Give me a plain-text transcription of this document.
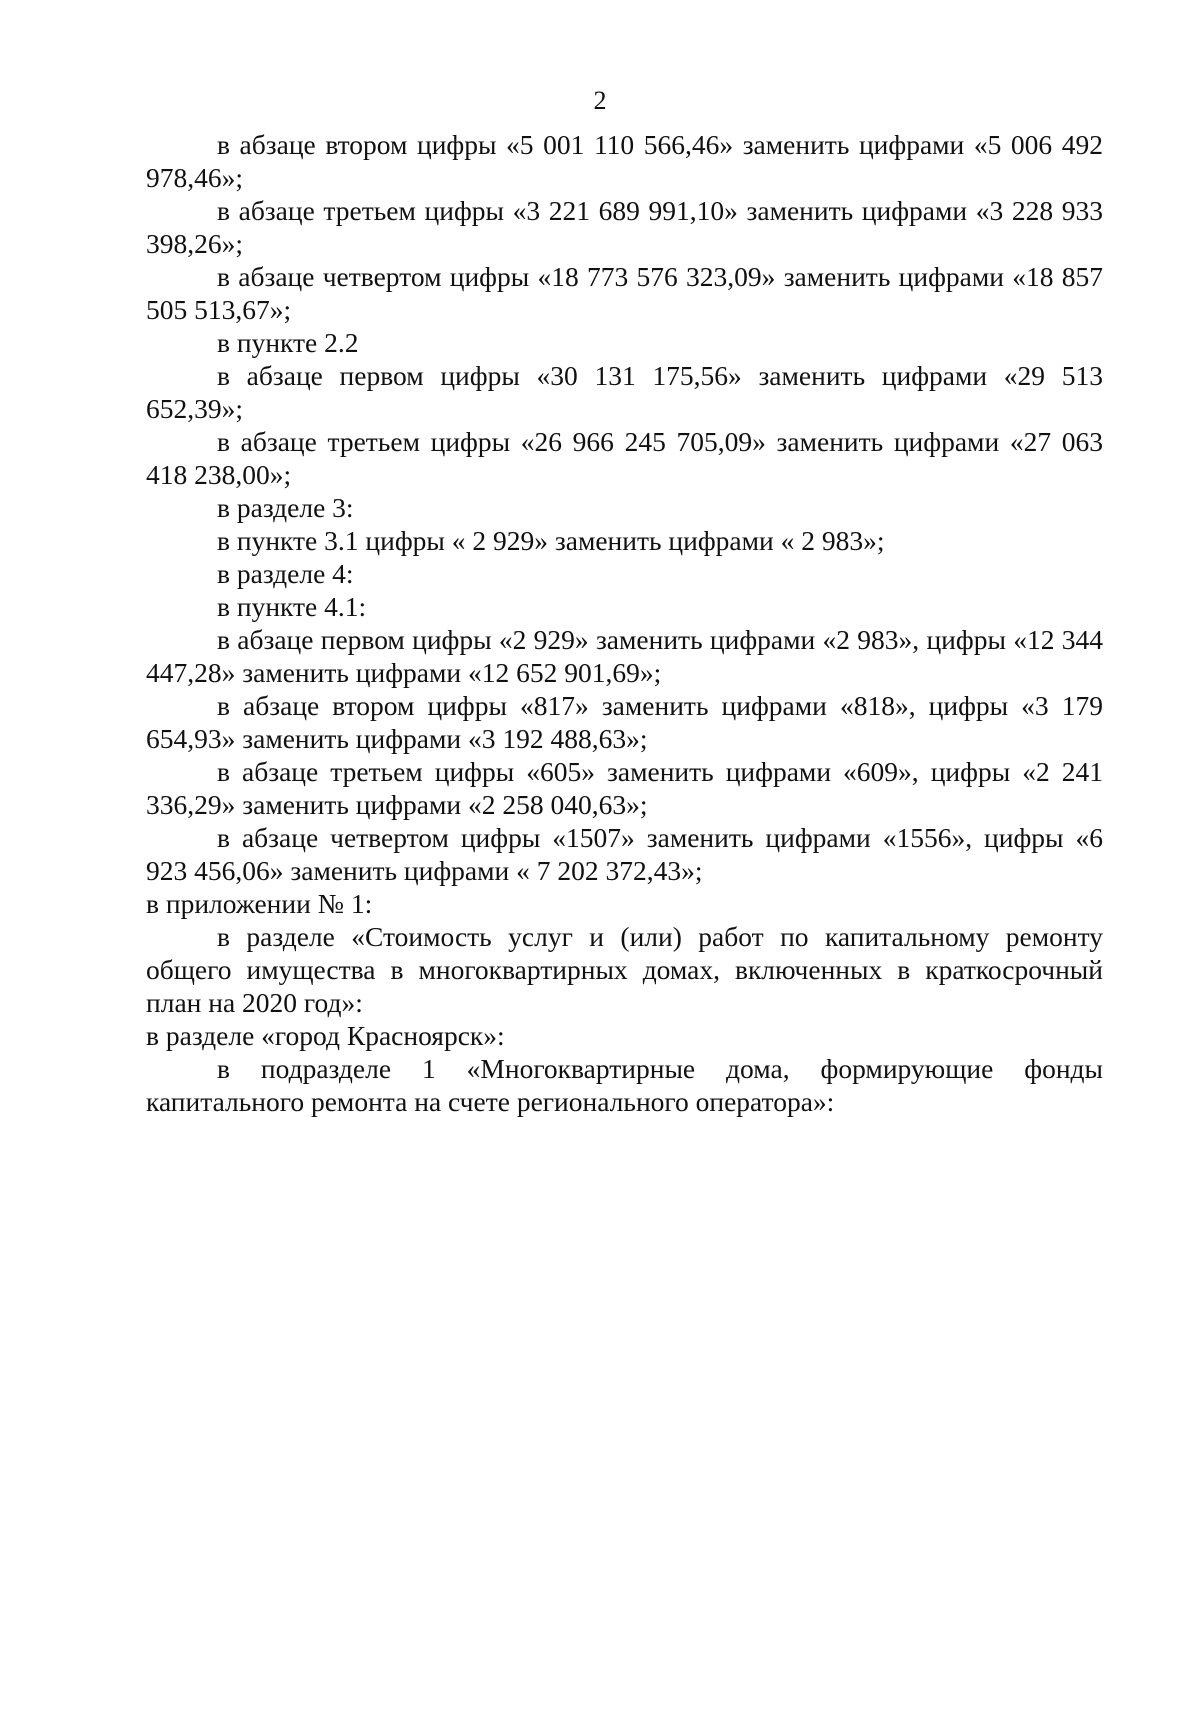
2

в абзаце втором цифры «5 001 110 566,46» заменить цифрами «5 006 492 978,46»;

в абзаце третьем цифры «3 221 689 991,10» заменить цифрами «3 228 933 398,26»;

в абзаце четвертом цифры «18 773 576 323,09» заменить цифрами «18 857 505 513,67»;

в пункте 2.2

в абзаце первом цифры «30 131 175,56» заменить цифрами «29 513 652,39»;

в абзаце третьем цифры «26 966 245 705,09» заменить цифрами «27 063 418 238,00»;

в разделе 3:

в пункте 3.1 цифры « 2 929» заменить цифрами « 2 983»;

в разделе 4:

в пункте 4.1:

в абзаце первом цифры «2 929» заменить цифрами «2 983», цифры «12 344 447,28» заменить цифрами «12 652 901,69»;

в абзаце втором цифры «817» заменить цифрами «818», цифры «3 179 654,93» заменить цифрами «3 192 488,63»;

в абзаце третьем цифры «605» заменить цифрами «609», цифры «2 241 336,29» заменить цифрами «2 258 040,63»;

в абзаце четвертом цифры «1507» заменить цифрами «1556», цифры «6 923 456,06» заменить цифрами « 7 202 372,43»;

в приложении № 1:

в разделе «Стоимость услуг и (или) работ по капитальному ремонту общего имущества в многоквартирных домах, включенных в краткосрочный план на 2020 год»:

в разделе «город Красноярск»:

в подразделе 1 «Многоквартирные дома, формирующие фонды капитального ремонта на счете регионального оператора»:
